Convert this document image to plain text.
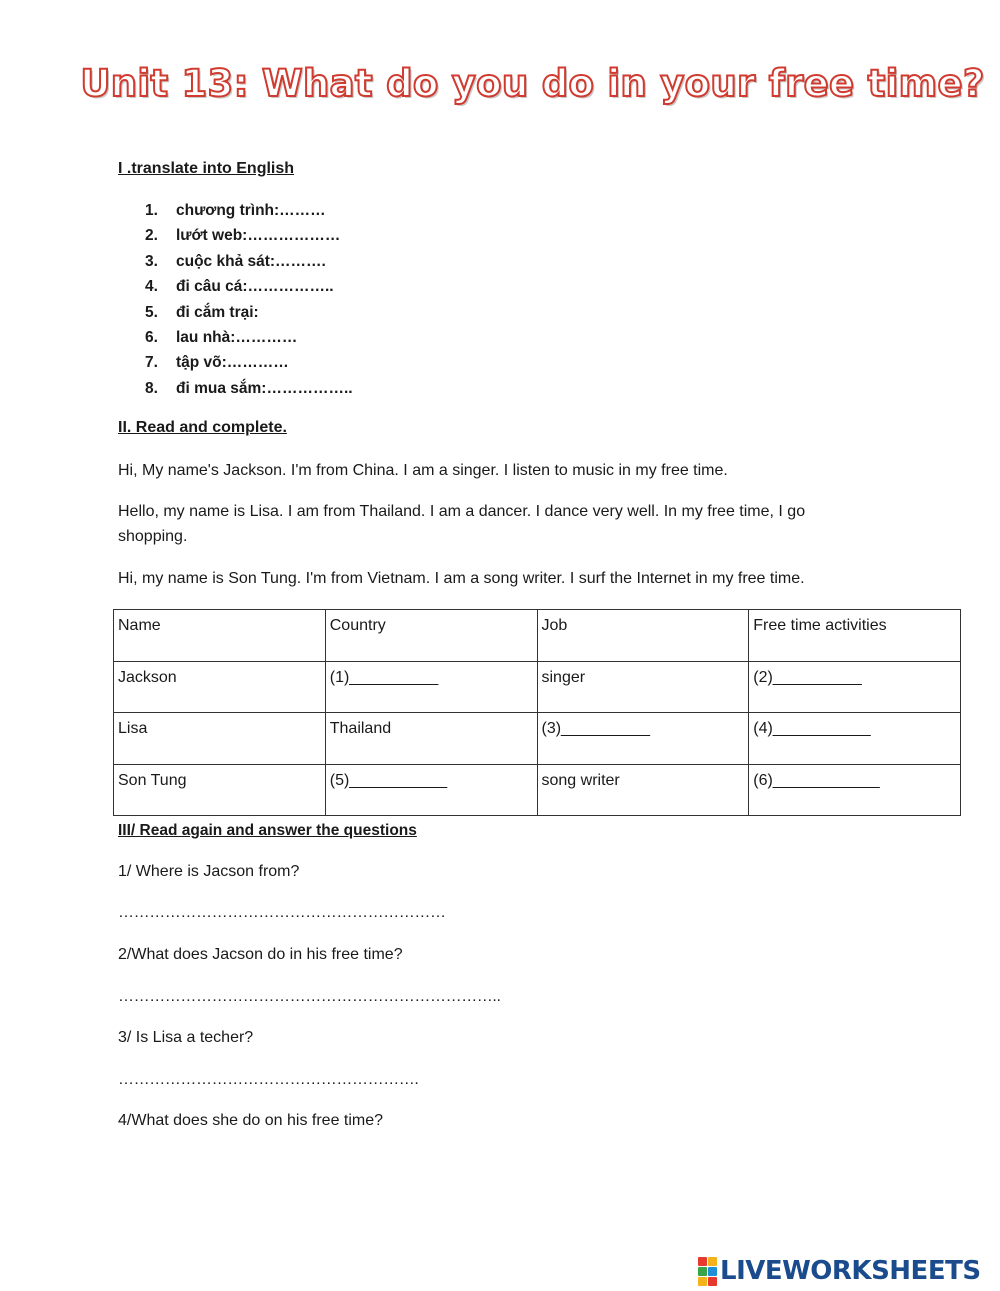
Unit 13: What do you do in your free time?
I .translate into English
1. chương trình:………
2. lướt web:………………
3. cuộc khả sát:……….
4. đi câu cá:……………..
5. đi cắm trại:
6. lau nhà:…………
7. tập võ:…………
8. đi mua sắm:……………..
II. Read and complete.

Hi, My name's Jackson. I'm from China. I am a singer. I listen to music in my free time.

Hello, my name is Lisa. I am from Thailand. I am a dancer. I dance very well. In my free time, I go shopping.

Hi, my name is Son Tung. I'm from Vietnam. I am a song writer. I surf the Internet in my free time.

Name	Country	Job	Free time activities
Jackson	(1)__________	singer	(2)__________
Lisa	Thailand	(3)__________	(4)___________
Son Tung	(5)___________	song writer	(6)____________
III/ Read again and answer the questions

1/ Where is Jacson from?

………………………………………………………

2/What does Jacson do in his free time?

………………………………………………………………..

3/ Is Lisa a techer?

………………………………………………….

4/What does she do on his free time?

LIVEWORKSHEETS
